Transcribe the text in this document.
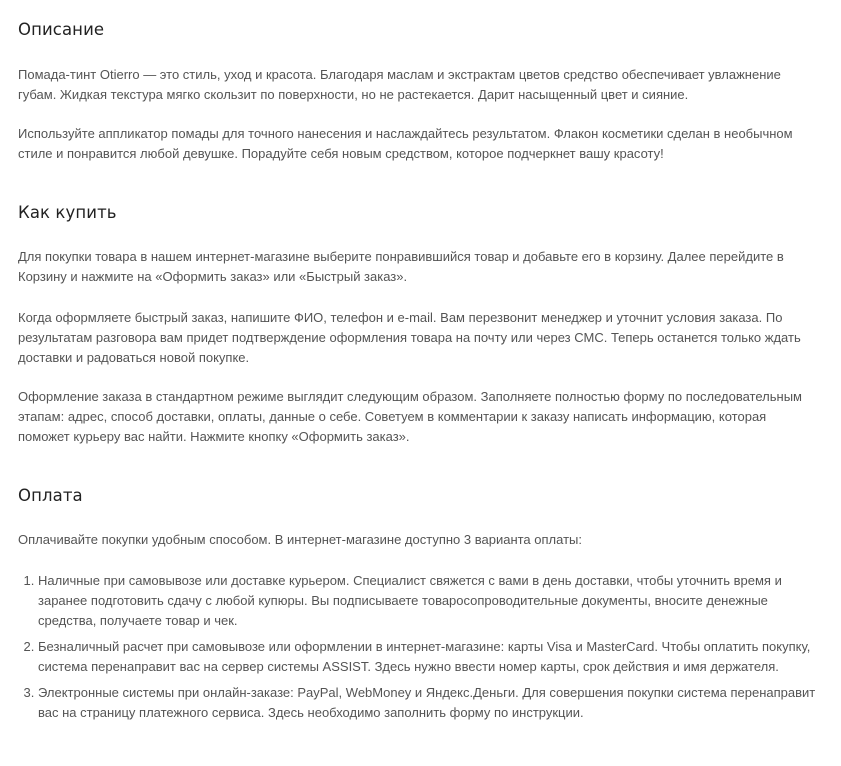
Описание

Помада-тинт Otierro — это стиль, уход и красота. Благодаря маслам и экстрактам цветов средство обеспечивает увлажнение губам. Жидкая текстура мягко скользит по поверхности, но не растекается. Дарит насыщенный цвет и сияние.

Используйте аппликатор помады для точного нанесения и наслаждайтесь результатом. Флакон косметики сделан в необычном стиле и понравится любой девушке. Порадуйте себя новым средством, которое подчеркнет вашу красоту!

Как купить

Для покупки товара в нашем интернет-магазине выберите понравившийся товар и добавьте его в корзину. Далее перейдите в Корзину и нажмите на «Оформить заказ» или «Быстрый заказ».

Когда оформляете быстрый заказ, напишите ФИО, телефон и e-mail. Вам перезвонит менеджер и уточнит условия заказа. По результатам разговора вам придет подтверждение оформления товара на почту или через СМС. Теперь останется только ждать доставки и радоваться новой покупке.

Оформление заказа в стандартном режиме выглядит следующим образом. Заполняете полностью форму по последовательным этапам: адрес, способ доставки, оплаты, данные о себе. Советуем в комментарии к заказу написать информацию, которая поможет курьеру вас найти. Нажмите кнопку «Оформить заказ».

Оплата

Оплачивайте покупки удобным способом. В интернет-магазине доступно 3 варианта оплаты:

1. Наличные при самовывозе или доставке курьером. Специалист свяжется с вами в день доставки, чтобы уточнить время и заранее подготовить сдачу с любой купюры. Вы подписываете товаросопроводительные документы, вносите денежные средства, получаете товар и чек.
2. Безналичный расчет при самовывозе или оформлении в интернет-магазине: карты Visa и MasterCard. Чтобы оплатить покупку, система перенаправит вас на сервер системы ASSIST. Здесь нужно ввести номер карты, срок действия и имя держателя.
3. Электронные системы при онлайн-заказе: PayPal, WebMoney и Яндекс.Деньги. Для совершения покупки система перенаправит вас на страницу платежного сервиса. Здесь необходимо заполнить форму по инструкции.
